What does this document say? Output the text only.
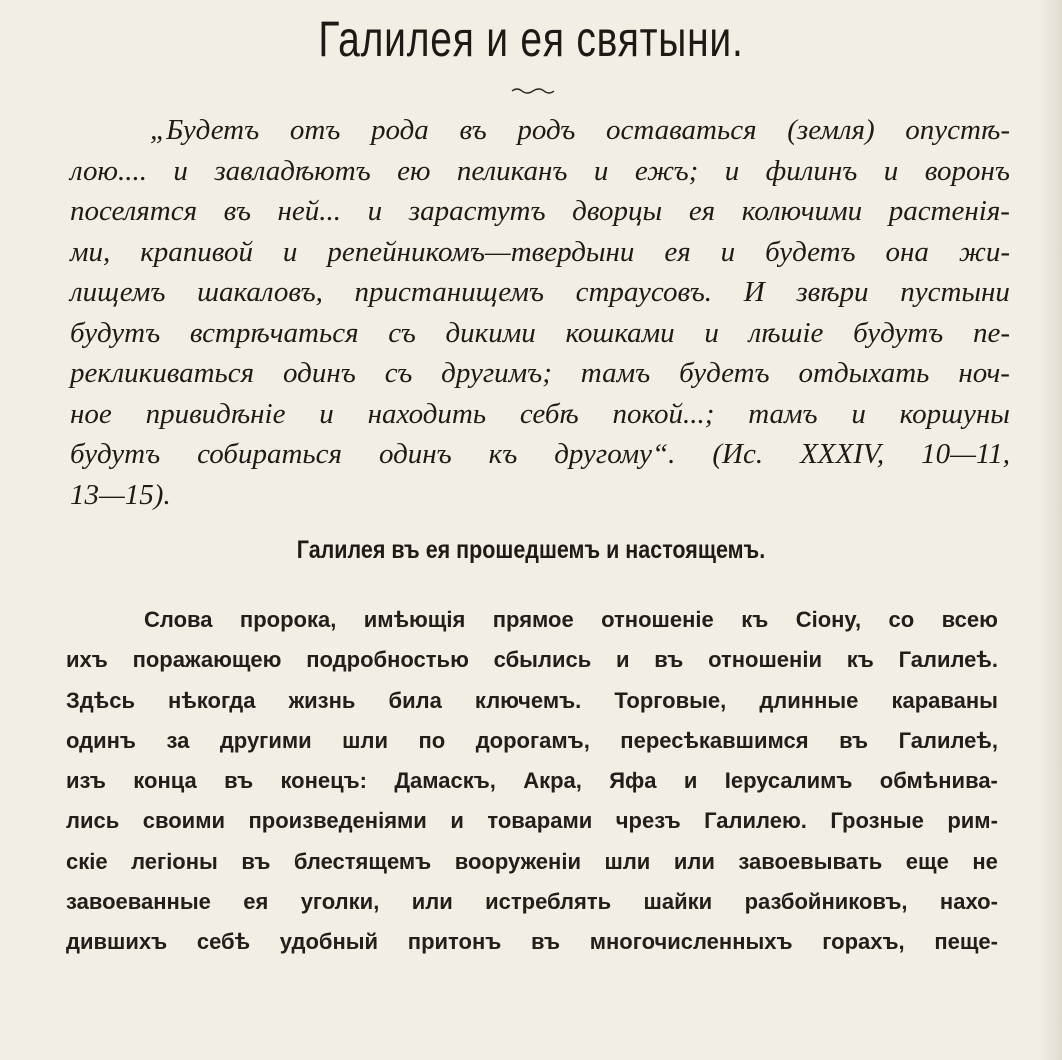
Галилея и ея святыни.
„Будетъ отъ рода въ родъ оставаться (земля) опустѣ-
лою.... и завладѣютъ ею пеликанъ и ежъ; и филинъ и воронъ
поселятся въ ней... и зарастутъ дворцы ея колючими растенія-
ми, крапивой и репейникомъ—твердыни ея и будетъ она жи-
лищемъ шакаловъ, пристанищемъ страусовъ. И звѣри пустыни
будутъ встрѣчаться съ дикими кошками и лѣшіе будутъ пе-
рекликиваться одинъ съ другимъ; тамъ будетъ отдыхать ноч-
ное привидѣніе и находить себѣ покой...; тамъ и коршуны
будутъ собираться одинъ къ другому“. (Ис. XXXIV, 10—11,
13—15).
Галилея въ ея прошедшемъ и настоящемъ.
Слова пророка, имѣющія прямое отношеніе къ Сіону, со всею
ихъ поражающею подробностью сбылись и въ отношеніи къ Галилеѣ.
Здѣсь нѣкогда жизнь била ключемъ. Торговые, длинные караваны
одинъ за другими шли по дорогамъ, пересѣкавшимся въ Галилеѣ,
изъ конца въ конецъ: Дамаскъ, Акра, Яфа и Іерусалимъ обмѣнива-
лись своими произведеніями и товарами чрезъ Галилею. Грозные рим-
скіе легіоны въ блестящемъ вооруженіи шли или завоевывать еще не
завоеванные ея уголки, или истреблять шайки разбойниковъ, нахо-
дившихъ себѣ удобный притонъ въ многочисленныхъ горахъ, пеще-
